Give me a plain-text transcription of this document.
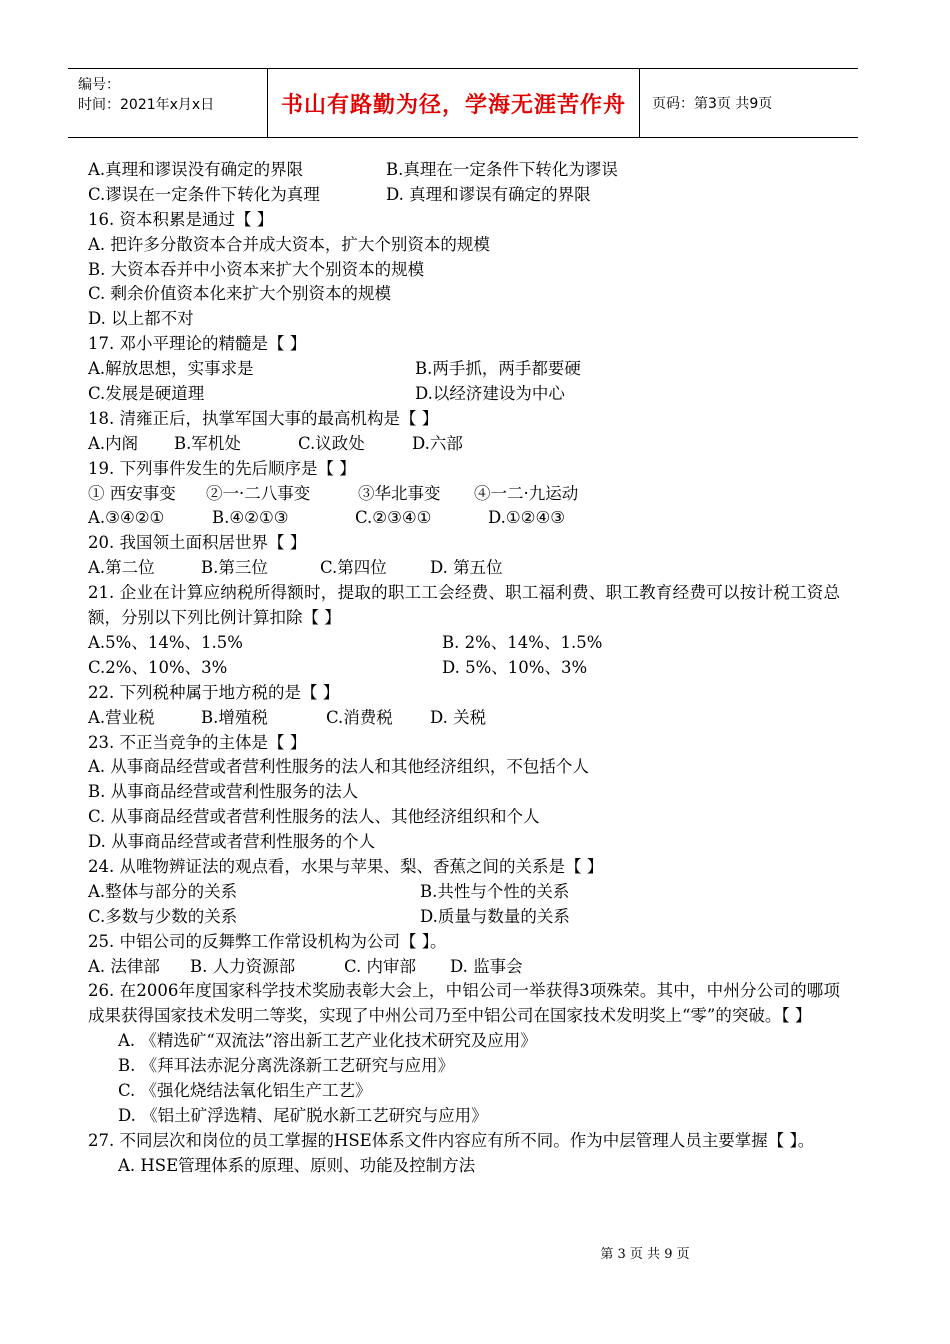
编号：
时间：2021年x月x日	书山有路勤为径，学海无涯苦作舟	页码：第3页 共9页
A.真理和谬误没有确定的界限	B.真理在一定条件下转化为谬误
C.谬误在一定条件下转化为真理	D. 真理和谬误有确定的界限
16. 资本积累是通过【 】
A. 把许多分散资本合并成大资本，扩大个别资本的规模
B. 大资本吞并中小资本来扩大个别资本的规模
C. 剩余价值资本化来扩大个别资本的规模
D. 以上都不对
17. 邓小平理论的精髓是【 】
A.解放思想，实事求是	B.两手抓，两手都要硬
C.发展是硬道理	D.以经济建设为中心
18. 清雍正后，执掌军国大事的最高机构是【 】
A.内阁 B.军机处	C.议政处	D.六部
19. 下列事件发生的先后顺序是【 】
① 西安事变 ②一·二八事变	③华北事变 ④一二·九运动
A.③④②①	B.④②①③	C.②③④①	D.①②④③
20. 我国领土面积居世界【 】
A.第二位	B.第三位	C.第四位	D. 第五位
21. 企业在计算应纳税所得额时，提取的职工工会经费、职工福利费、职工教育经费可以按计税工资总额，分别以下列比例计算扣除【 】
A.5%、14%、1.5%	B. 2%、14%、1.5%
C.2%、10%、3%	D. 5%、10%、3%
22. 下列税种属于地方税的是【 】
A.营业税	B.增殖税	C.消费税 D. 关税
23. 不正当竞争的主体是【 】
A. 从事商品经营或者营利性服务的法人和其他经济组织，不包括个人
B. 从事商品经营或营利性服务的法人
C. 从事商品经营或者营利性服务的法人、其他经济组织和个人
D. 从事商品经营或者营利性服务的个人
24. 从唯物辨证法的观点看，水果与苹果、梨、香蕉之间的关系是【 】
A.整体与部分的关系	B.共性与个性的关系
C.多数与少数的关系	D.质量与数量的关系
25. 中铝公司的反舞弊工作常设机构为公司【 】。
A. 法律部 B. 人力资源部	C. 内审部 D. 监事会
26. 在2006年度国家科学技术奖励表彰大会上，中铝公司一举获得3项殊荣。其中，中州分公司的哪项成果获得国家技术发明二等奖，实现了中州公司乃至中铝公司在国家技术发明奖上“零”的突破。【 】
A. 《精选矿“双流法”溶出新工艺产业化技术研究及应用》
B. 《拜耳法赤泥分离洗涤新工艺研究与应用》
C. 《强化烧结法氧化铝生产工艺》
D. 《铝土矿浮选精、尾矿脱水新工艺研究与应用》
27. 不同层次和岗位的员工掌握的HSE体系文件内容应有所不同。作为中层管理人员主要掌握【 】。
A. HSE管理体系的原理、原则、功能及控制方法
第 3 页 共 9 页
